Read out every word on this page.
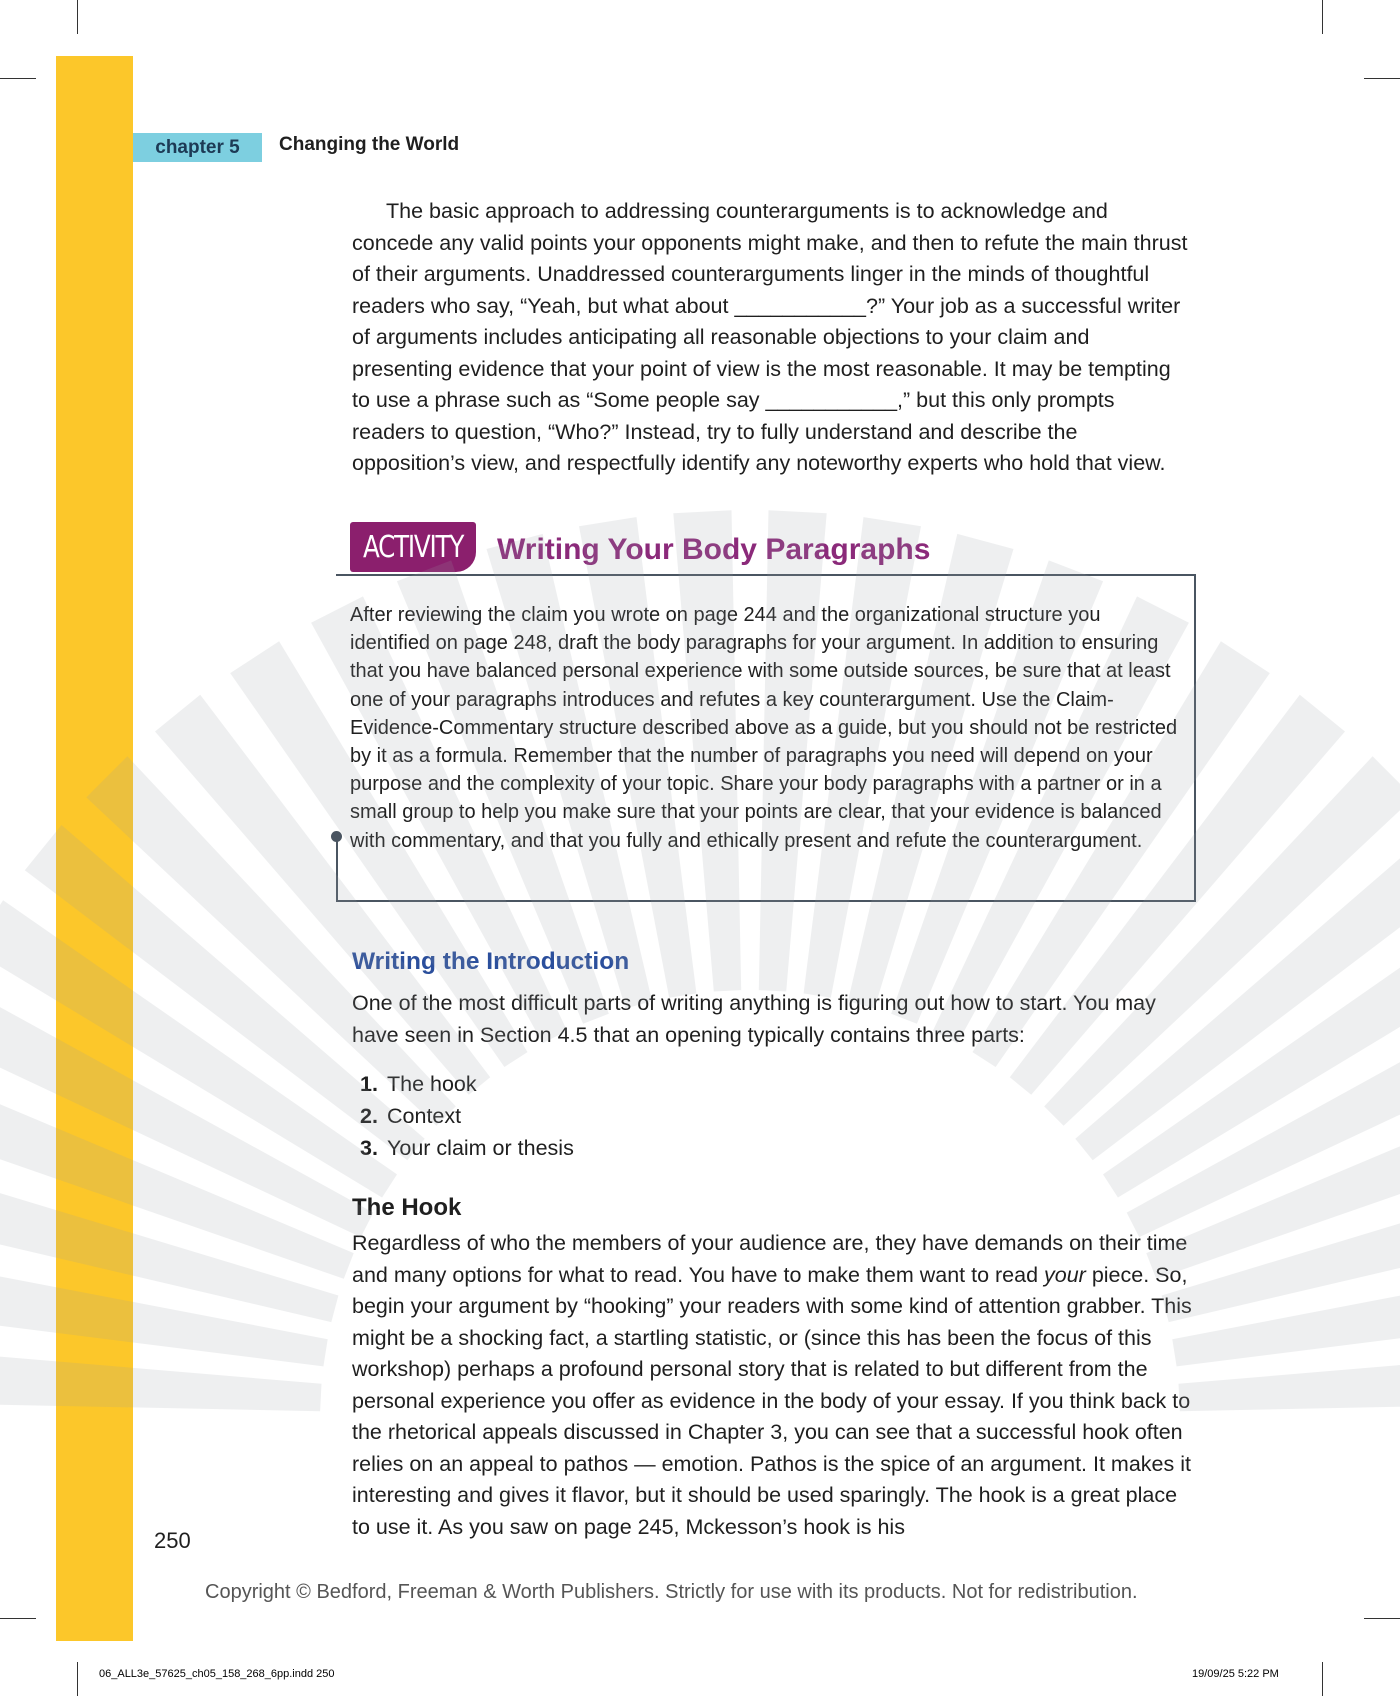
chapter 5 Changing the World

The basic approach to addressing counterarguments is to acknowledge and concede any valid points your opponents might make, and then to refute the main thrust of their arguments. Unaddressed counterarguments linger in the minds of thoughtful readers who say, “Yeah, but what about ___________?” Your job as a successful writer of arguments includes anticipating all reasonable objections to your claim and presenting evidence that your point of view is the most reasonable. It may be tempting to use a phrase such as “Some people say ___________,” but this only prompts readers to question, “Who?” Instead, try to fully understand and describe the opposition’s view, and respectfully identify any noteworthy experts who hold that view.

ACTIVITY Writing Your Body Paragraphs

After reviewing the claim you wrote on page 244 and the organizational structure you identified on page 248, draft the body paragraphs for your argument. In addition to ensuring that you have balanced personal experience with some outside sources, be sure that at least one of your paragraphs introduces and refutes a key counterargument. Use the Claim-Evidence-Commentary structure described above as a guide, but you should not be restricted by it as a formula. Remember that the number of paragraphs you need will depend on your purpose and the complexity of your topic. Share your body paragraphs with a partner or in a small group to help you make sure that your points are clear, that your evidence is balanced with commentary, and that you fully and ethically present and refute the counterargument.

Writing the Introduction

One of the most difficult parts of writing anything is figuring out how to start. You may have seen in Section 4.5 that an opening typically contains three parts:

1. The hook
2. Context
3. Your claim or thesis
The Hook

Regardless of who the members of your audience are, they have demands on their time and many options for what to read. You have to make them want to read your piece. So, begin your argument by “hooking” your readers with some kind of attention grabber. This might be a shocking fact, a startling statistic, or (since this has been the focus of this workshop) perhaps a profound personal story that is related to but different from the personal experience you offer as evidence in the body of your essay. If you think back to the rhetorical appeals discussed in Chapter 3, you can see that a successful hook often relies on an appeal to pathos — emotion. Pathos is the spice of an argument. It makes it interesting and gives it flavor, but it should be used sparingly. The hook is a great place to use it. As you saw on page 245, Mckesson’s hook is his

250
Copyright © Bedford, Freeman & Worth Publishers. Strictly for use with its products. Not for redistribution.
06_ALL3e_57625_ch05_158_268_6pp.indd 250	19/09/25 5:22 PM
